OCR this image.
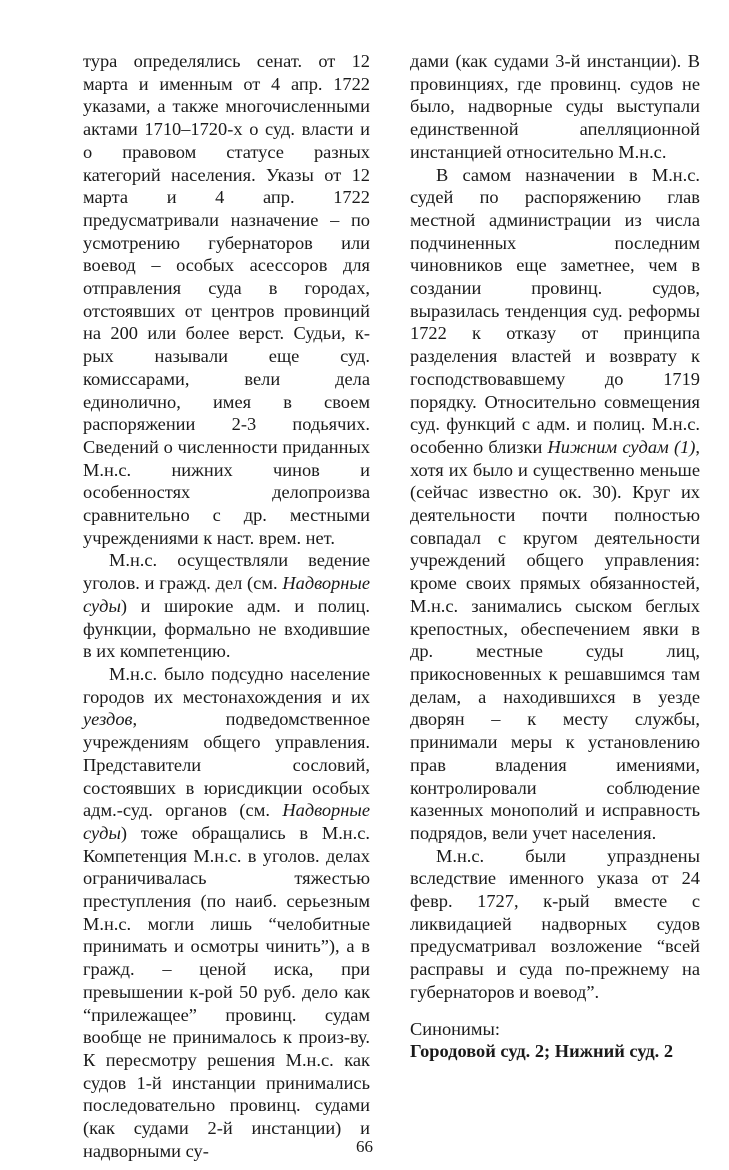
тура определялись сенат. от 12 марта и именным от 4 апр. 1722 указами, а также многочисленными актами 1710–1720-х о суд. власти и о правовом статусе разных категорий населения. Указы от 12 марта и 4 апр. 1722 предусматривали назначение – по усмотрению губернаторов или воевод – особых асессоров для отправления суда в городах, отстоявших от центров провинций на 200 или более верст. Судьи, к-рых называли еще суд. комиссарами, вели дела единолично, имея в своем распоряжении 2-3 подьячих. Сведений о численности приданных М.н.с. нижних чинов и особенностях делопроизва сравнительно с др. местными учреждениями к наст. врем. нет.

М.н.с. осуществляли ведение уголов. и гражд. дел (см. Надворные суды) и широкие адм. и полиц. функции, формально не входившие в их компетенцию.

М.н.с. было подсудно население городов их местонахождения и их уездов, подведомственное учреждениям общего управления. Представители сословий, состоявших в юрисдикции особых адм.-суд. органов (см. Надворные суды) тоже обращались в М.н.с. Компетенция М.н.с. в уголов. делах ограничивалась тяжестью преступления (по наиб. серьезным М.н.с. могли лишь “челобитные принимать и осмотры чинить”), а в гражд. – ценой иска, при превышении к-рой 50 руб. дело как “прилежащее” провинц. судам вообще не принималось к произ-ву. К пересмотру решения М.н.с. как судов 1-й инстанции принимались последовательно провинц. судами (как судами 2-й инстанции) и надворными су-

дами (как судами 3-й инстанции). В провинциях, где провинц. судов не было, надворные суды выступали единственной апелляционной инстанцией относительно М.н.с.

В самом назначении в М.н.с. судей по распоряжению глав местной администрации из числа подчиненных последним чиновников еще заметнее, чем в создании провинц. судов, выразилась тенденция суд. реформы 1722 к отказу от принципа разделения властей и возврату к господствовавшему до 1719 порядку. Относительно совмещения суд. функций с адм. и полиц. М.н.с. особенно близки Нижним судам (1), хотя их было и существенно меньше (сейчас известно ок. 30). Круг их деятельности почти полностью совпадал с кругом деятельности учреждений общего управления: кроме своих прямых обязанностей, М.н.с. занимались сыском беглых крепостных, обеспечением явки в др. местные суды лиц, прикосновенных к решавшимся там делам, а находившихся в уезде дворян – к месту службы, принимали меры к установлению прав владения имениями, контролировали соблюдение казенных монополий и исправность подрядов, вели учет населения.

М.н.с. были упразднены вследствие именного указа от 24 февр. 1727, к-рый вместе с ликвидацией надворных судов предусматривал возложение “всей расправы и суда по-прежнему на губернаторов и воевод”.

Синонимы:

Городовой суд. 2; Нижний суд. 2

66
